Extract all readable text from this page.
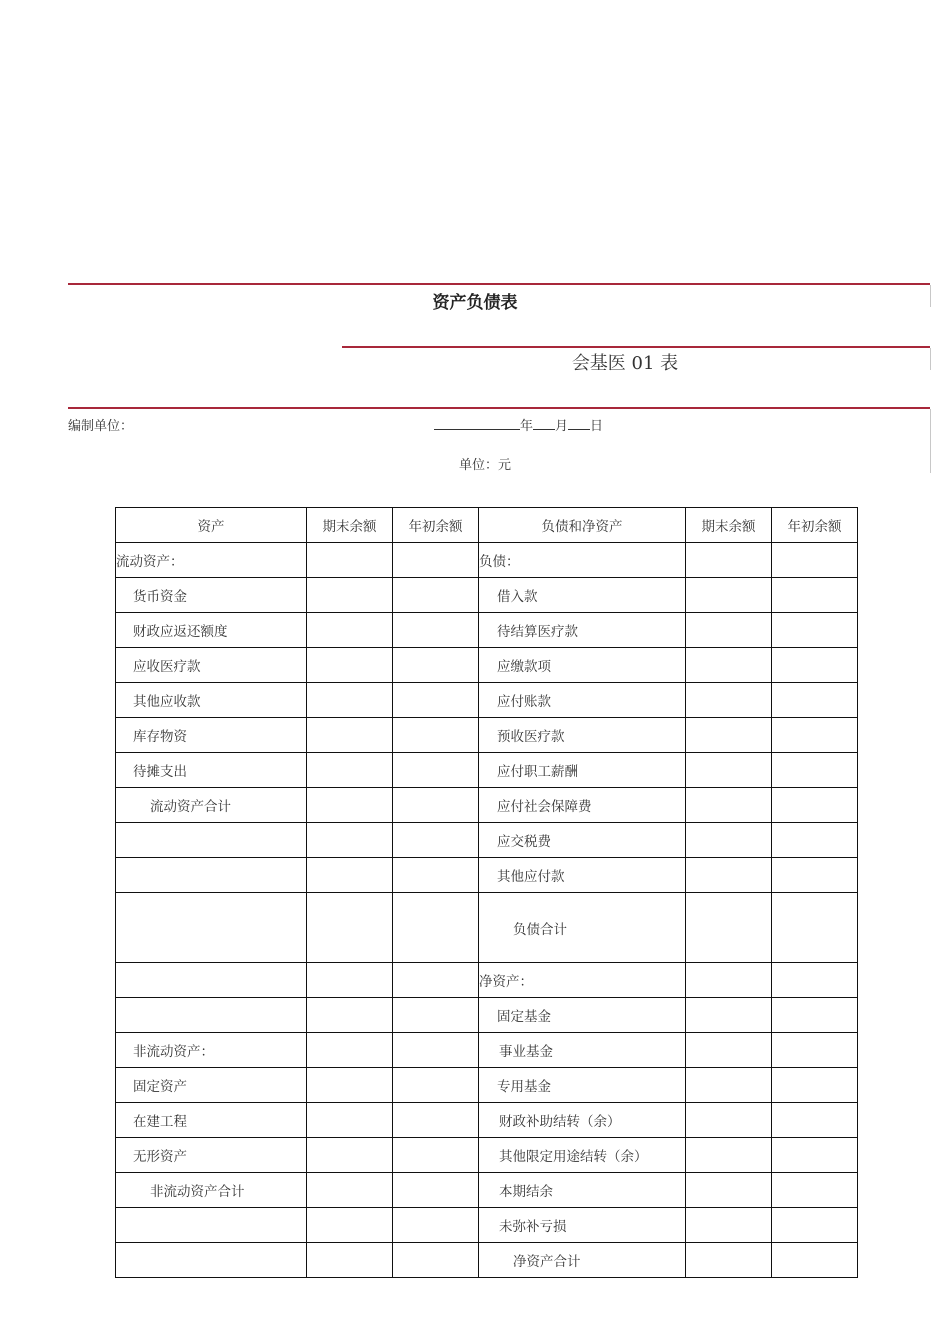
资产负债表
会基医 01 表
编制单位：	年 月 日
单位：元
资产	期末余额	年初余额	负债和净资产	期末余额	年初余额
流动资产：			负债：		
货币资金			借入款		
财政应返还额度			待结算医疗款		
应收医疗款			应缴款项		
其他应收款			应付账款		
库存物资			预收医疗款		
待摊支出			应付职工薪酬		
流动资产合计			应付社会保障费		
			应交税费		
			其他应付款		
			负债合计		
			净资产：		
			固定基金		
非流动资产：			事业基金		
固定资产			专用基金		
在建工程			财政补助结转（余）		
无形资产			其他限定用途结转（余）		
非流动资产合计			本期结余		
			未弥补亏损		
			净资产合计		
